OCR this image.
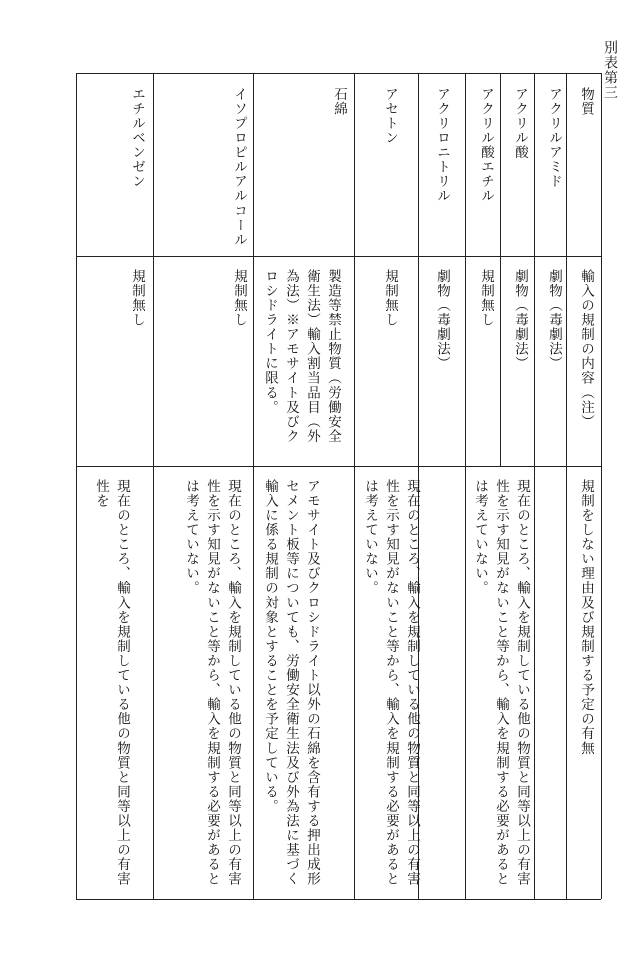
別表第三
物質
輸入の規制の内容（注）
規制をしない理由及び規制する予定の有無
アクリルアミド
劇物（毒劇法）
アクリル酸
劇物（毒劇法）
アクリル酸エチル
規制無し
現在のところ、輸入を規制している他の物質と同等以上の有害性を示す知見がないこと等から、輸入を規制する必要があるとは考えていない。
アクリロニトリル
劇物（毒劇法）
アセトン
規制無し
現在のところ、輸入を規制している他の物質と同等以上の有害性を示す知見がないこと等から、輸入を規制する必要があるとは考えていない。
石綿
製造等禁止物質（労働安全衛生法）輸入割当品目（外為法）※アモサイト及びクロシドライトに限る。
アモサイト及びクロシドライト以外の石綿を含有する押出成形セメント板等についても、労働安全衛生法及び外為法に基づく輸入に係る規制の対象とすることを予定している。
イソプロピルアルコール
規制無し
現在のところ、輸入を規制している他の物質と同等以上の有害性を示す知見がないこと等から、輸入を規制する必要があるとは考えていない。
エチルベンゼン
規制無し
現在のところ、輸入を規制している他の物質と同等以上の有害性を
